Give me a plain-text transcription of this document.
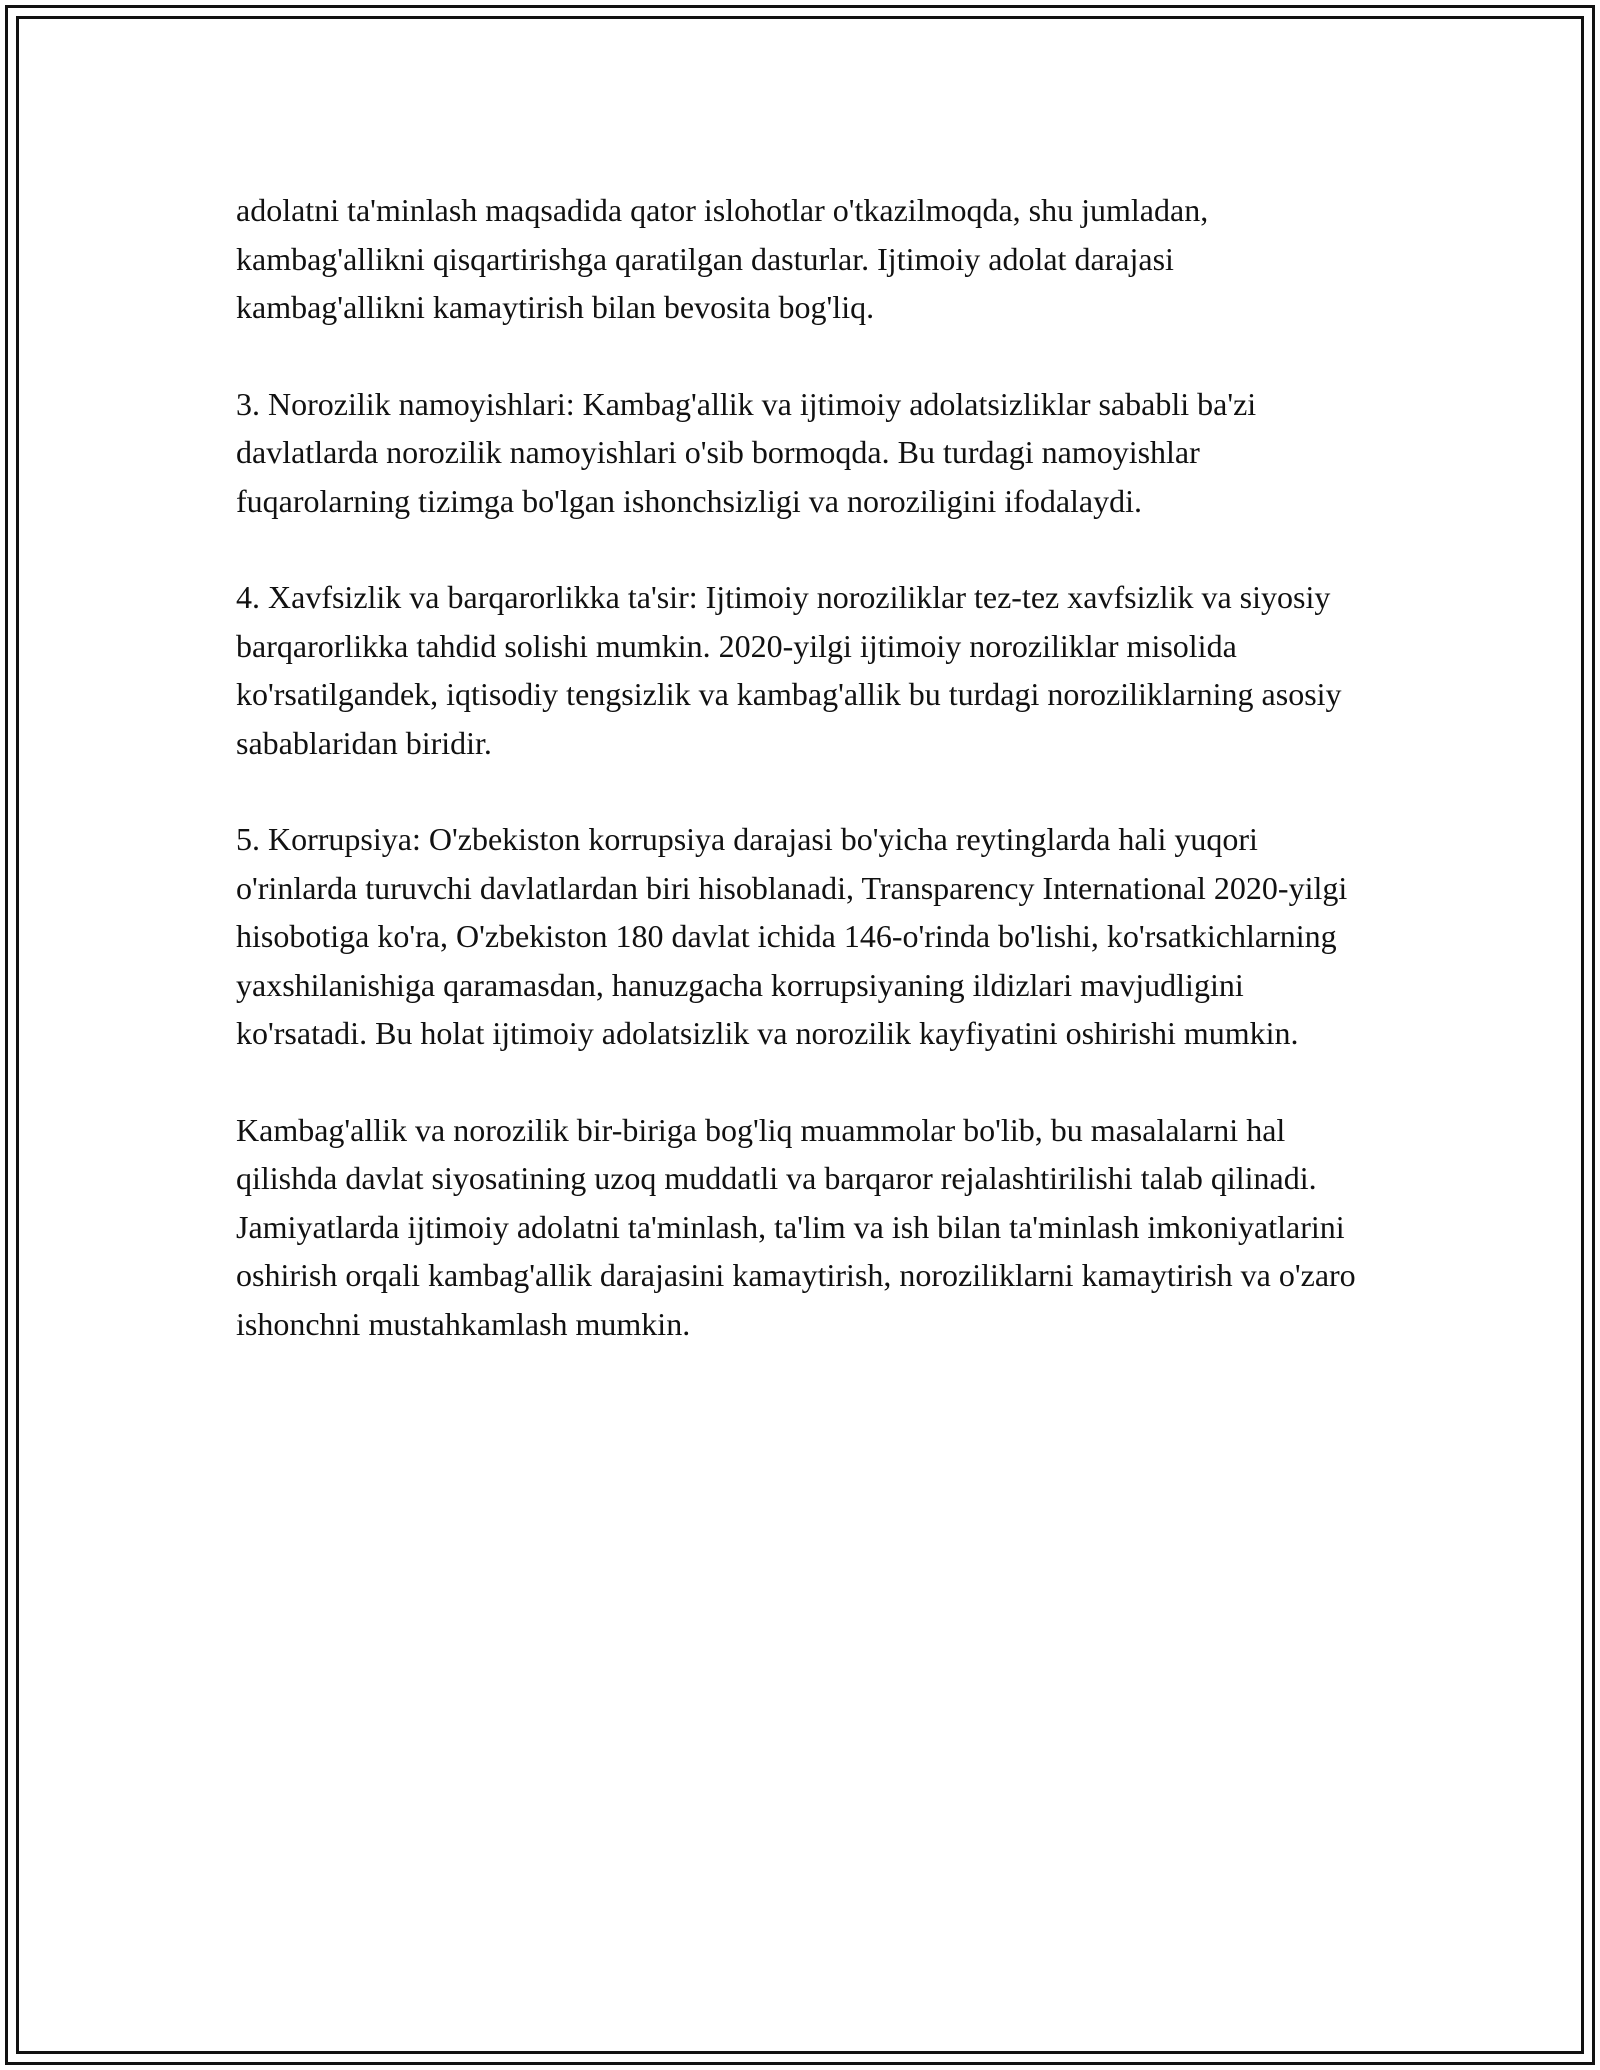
adolatni ta'minlash maqsadida qator islohotlar o'tkazilmoqda, shu jumladan, kambag'allikni qisqartirishga qaratilgan dasturlar. Ijtimoiy adolat darajasi kambag'allikni kamaytirish bilan bevosita bog'liq.

3. Norozilik namoyishlari: Kambag'allik va ijtimoiy adolatsizliklar sababli ba'zi davlatlarda norozilik namoyishlari o'sib bormoqda. Bu turdagi namoyishlar fuqarolarning tizimga bo'lgan ishonchsizligi va noroziligini ifodalaydi.

4. Xavfsizlik va barqarorlikka ta'sir: Ijtimoiy noroziliklar tez-tez xavfsizlik va siyosiy barqarorlikka tahdid solishi mumkin. 2020-yilgi ijtimoiy noroziliklar misolida ko'rsatilgandek, iqtisodiy tengsizlik va kambag'allik bu turdagi noroziliklarning asosiy sabablaridan biridir.

5. Korrupsiya: O'zbekiston korrupsiya darajasi bo'yicha reytinglarda hali yuqori o'rinlarda turuvchi davlatlardan biri hisoblanadi, Transparency International 2020-yilgi hisobotiga ko'ra, O'zbekiston 180 davlat ichida 146-o'rinda bo'lishi, ko'rsatkichlarning yaxshilanishiga qaramasdan, hanuzgacha korrupsiyaning ildizlari mavjudligini ko'rsatadi. Bu holat ijtimoiy adolatsizlik va norozilik kayfiyatini oshirishi mumkin.

Kambag'allik va norozilik bir-biriga bog'liq muammolar bo'lib, bu masalalarni hal qilishda davlat siyosatining uzoq muddatli va barqaror rejalashtirilishi talab qilinadi. Jamiyatlarda ijtimoiy adolatni ta'minlash, ta'lim va ish bilan ta'minlash imkoniyatlarini oshirish orqali kambag'allik darajasini kamaytirish, noroziliklarni kamaytirish va o'zaro ishonchni mustahkamlash mumkin.
